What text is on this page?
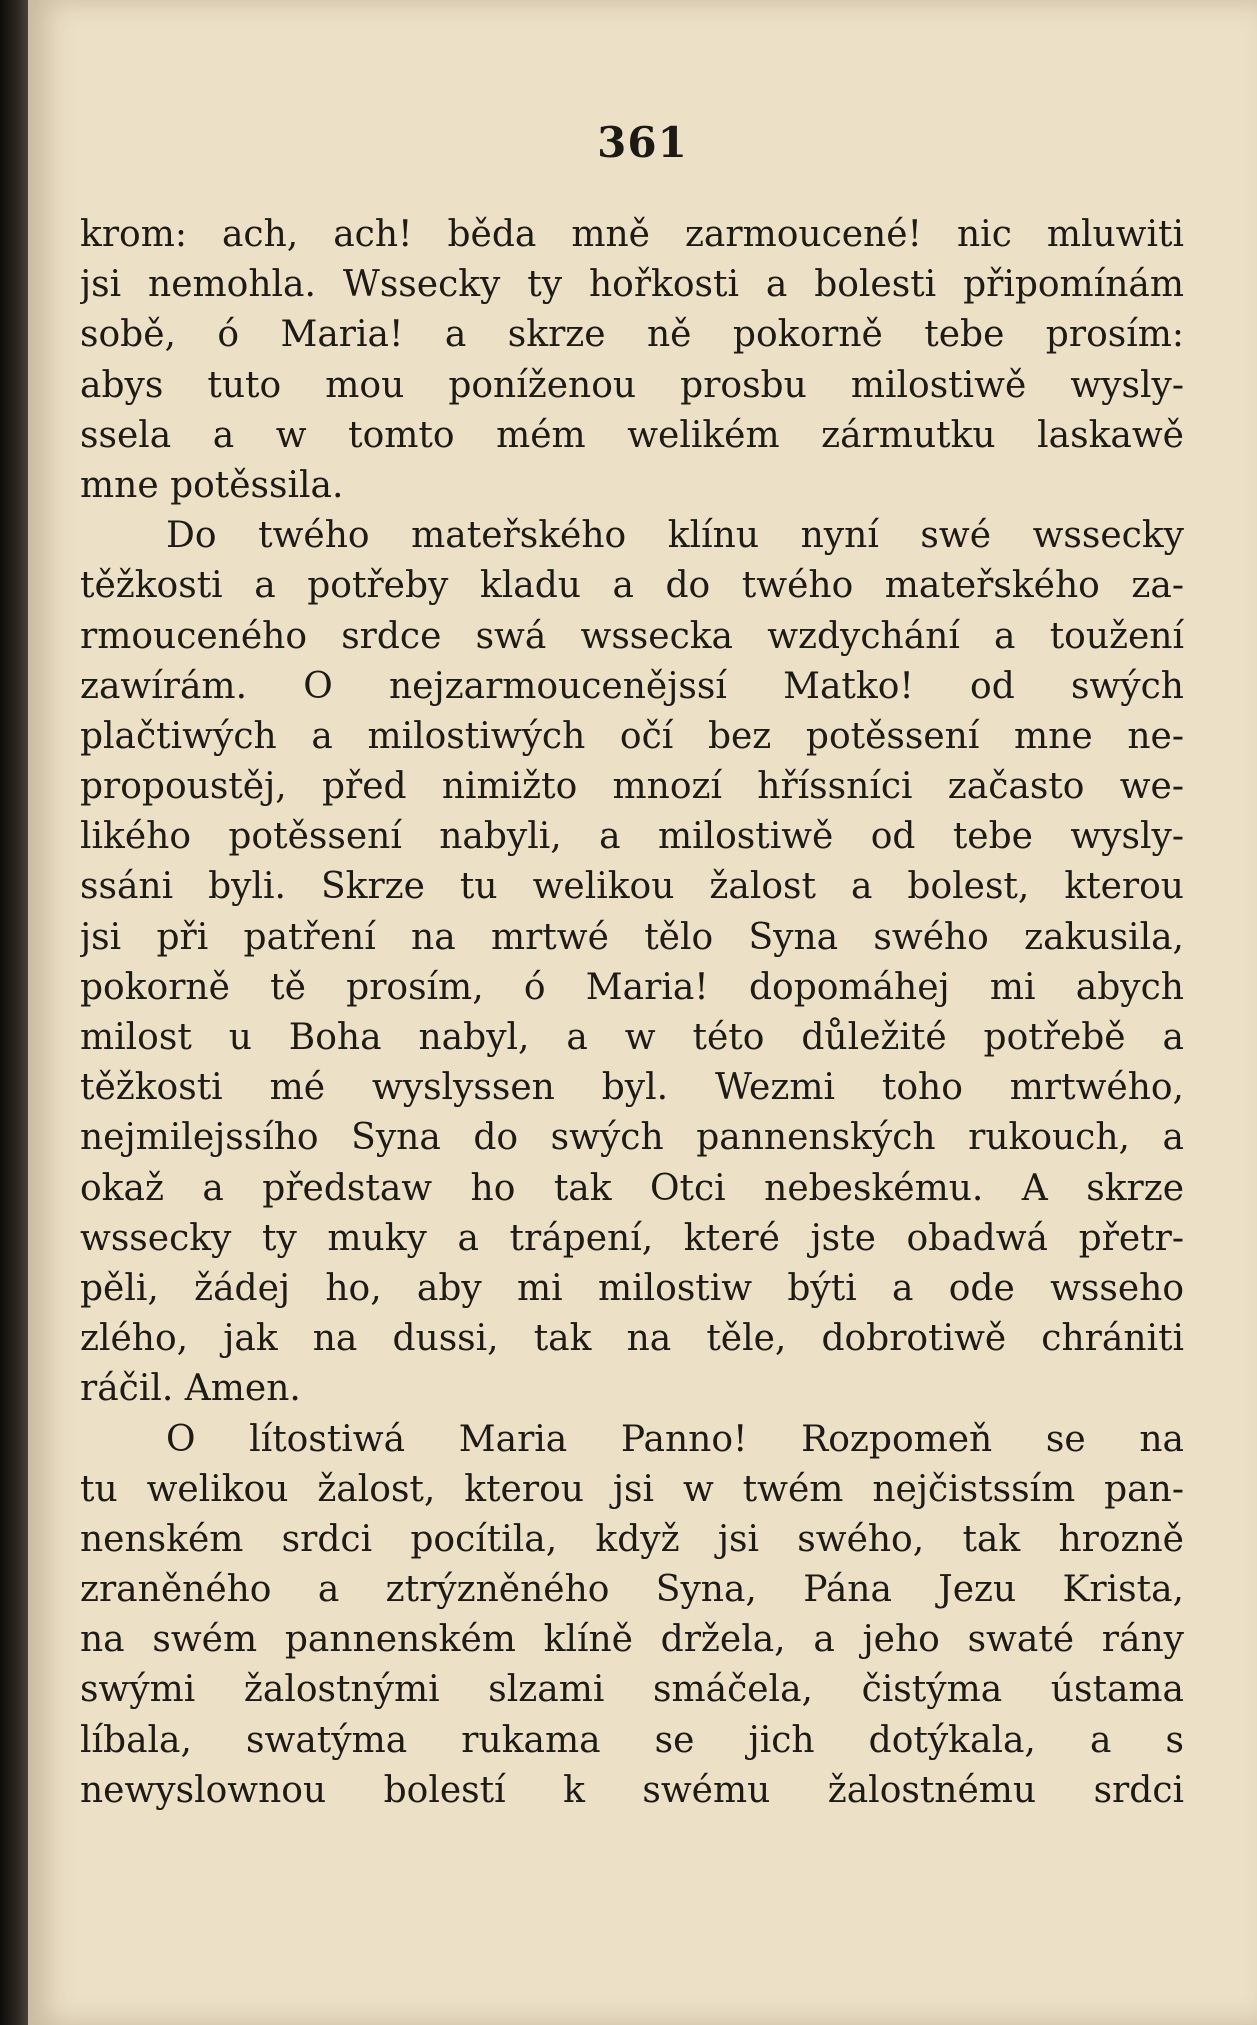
361
krom: ach, ach! běda mně zarmoucené! nic mluwiti
jsi nemohla. Wssecky ty hořkosti a bolesti připomínám
sobě, ó Maria! a skrze ně pokorně tebe prosím:
abys tuto mou poníženou prosbu milostiwě wysly-
ssela a w tomto mém welikém zármutku laskawě
mne potěssila.
Do twého mateřského klínu nyní swé wssecky
těžkosti a potřeby kladu a do twého mateřského za-
rmouceného srdce swá wssecka wzdychání a toužení
zawírám. O nejzarmoucenějssí Matko! od swých
plačtiwých a milostiwých očí bez potěssení mne ne-
propoustěj, před nimižto mnozí hříssníci začasto we-
likého potěssení nabyli, a milostiwě od tebe wysly-
ssáni byli. Skrze tu welikou žalost a bolest, kterou
jsi při patření na mrtwé tělo Syna swého zakusila,
pokorně tě prosím, ó Maria! dopomáhej mi abych
milost u Boha nabyl, a w této důležité potřebě a
těžkosti mé wyslyssen byl. Wezmi toho mrtwého,
nejmilejssího Syna do swých pannenských rukouch, a
okaž a předstaw ho tak Otci nebeskému. A skrze
wssecky ty muky a trápení, které jste obadwá přetr-
pěli, žádej ho, aby mi milostiw býti a ode wsseho
zlého, jak na dussi, tak na těle, dobrotiwě chrániti
ráčil. Amen.
O lítostiwá Maria Panno! Rozpomeň se na
tu welikou žalost, kterou jsi w twém nejčistssím pan-
nenském srdci pocítila, když jsi swého, tak hrozně
zraněného a ztrýzněného Syna, Pána Jezu Krista,
na swém pannenském klíně držela, a jeho swaté rány
swými žalostnými slzami smáčela, čistýma ústama
líbala, swatýma rukama se jich dotýkala, a s
newyslownou bolestí k swému žalostnému srdci
